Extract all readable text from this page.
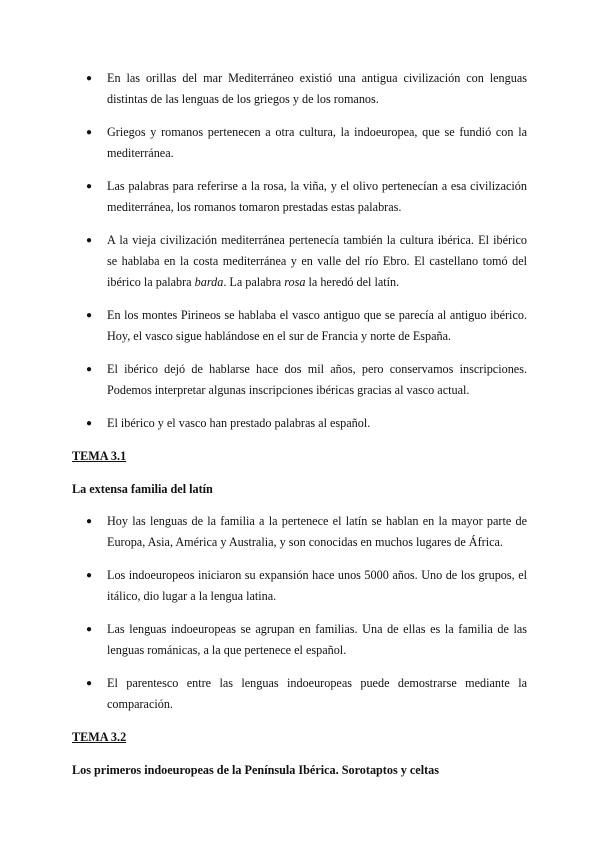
● En las orillas del mar Mediterráneo existió una antigua civilización con lenguas distintas de las lenguas de los griegos y de los romanos.
● Griegos y romanos pertenecen a otra cultura, la indoeuropea, que se fundió con la mediterránea.
● Las palabras para referirse a la rosa, la viña, y el olivo pertenecían a esa civilización mediterránea, los romanos tomaron prestadas estas palabras.
● A la vieja civilización mediterránea pertenecía también la cultura ibérica. El ibérico se hablaba en la costa mediterránea y en valle del río Ebro. El castellano tomó del ibérico la palabra barda. La palabra rosa la heredó del latín.
● En los montes Pirineos se hablaba el vasco antiguo que se parecía al antiguo ibérico. Hoy, el vasco sigue hablándose en el sur de Francia y norte de España.
● El ibérico dejó de hablarse hace dos mil años, pero conservamos inscripciones. Podemos interpretar algunas inscripciones ibéricas gracias al vasco actual.
● El ibérico y el vasco han prestado palabras al español.
TEMA 3.1
La extensa familia del latín
● Hoy las lenguas de la familia a la pertenece el latín se hablan en la mayor parte de Europa, Asia, América y Australia, y son conocidas en muchos lugares de África.
● Los indoeuropeos iniciaron su expansión hace unos 5000 años. Uno de los grupos, el itálico, dio lugar a la lengua latina.
● Las lenguas indoeuropeas se agrupan en familias. Una de ellas es la familia de las lenguas románicas, a la que pertenece el español.
● El parentesco entre las lenguas indoeuropeas puede demostrarse mediante la comparación.
TEMA 3.2
Los primeros indoeuropeas de la Península Ibérica. Sorotaptos y celtas
